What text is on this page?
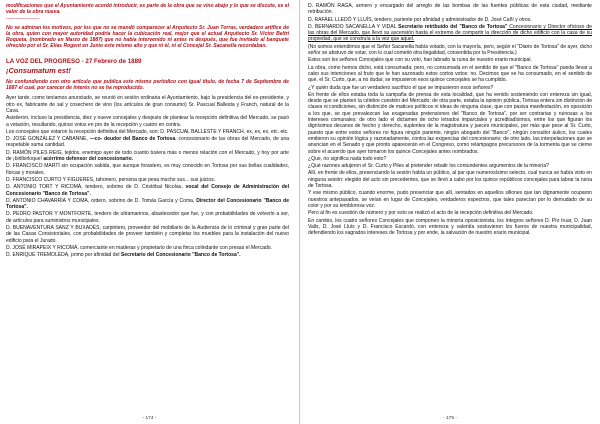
modificaciones que el Ayuntamiento acordó introducir, es parte de la obra que se vino abajo y lo que se discute, es el valor de la obra nueva.

--------------------

No se admiran los motivos, por los que no se mandó comparecer al Arquitecto Sr. Juan Torras, verdadero artífice de la obra, quien con mayor autoridad podría hacer la cubicación real, mejor que el actual Arquitecto Sr. Víctor Beltrí Roqueta, (nombrado en Marzo de 1887) que no había intervenido ni antes ni después, que fue invitado al banquete ofrecido por el Sr. Elías Rogent en Junio este mismo año y que ni él, ni el Concejal Sr. Sacanella recordaban.

LA VOZ DEL PROGRESO - 27 Febrero de 1889
¡Consumatum est!

No confundiendo con otro artículo que publica este mismo periódico con igual título, de fecha 7 de Septiembre de 1887 el cual, por carecer de interés no se ha reproducido.

Ayer tarde, como teníamos anunciado, se reunió en sesión ordinaria el Ayuntamiento, bajo la presidencia del ex-presidente, y otro ex, fabricante de sal y cosechero de vino (los artículos de gran consumo) Sr. Pascual Ballesta y Franch, natural de la Cava.

Asistieron, incluso la presidencia, diez y nueve concejales y después de plantear la recepción definitiva del Mercado, se pasó a votación, resultando, quince votos en pro de la recepción y cuatro en contra.

Los concejales que votaron la recepción definitiva del Mercado, son: D. PASCUAL BALLESTE Y FRANCH, ex, ex, ex, etc. etc.

D. JOSÉ GONZÁLEZ Y CABANNE, —co- deudor del Banco de Tortosa, concesionario de las obras del Mercado, de una respetable suma cantidad.

D. RAMÓN PILES REIG, tejidos, enemigo ayer de todo cuanto tuviera más o menos relación con el Mercado, y hoy por arte de ¡birlibirloque! acérrimo defensor del concesionario.

D. FRANCISCO MARTÍ sin ocupación sabida, que aunque forastero, es muy conocido en Tortosa por sus bellas cualidades, físicas y morales.

D. FRANCISCO CURTO Y FIGUERES, tahonero, persona que pesa mucho sus... sus juicios.

D. ANTONIO TORT Y RICOMÁ, tendero, sobrino de D. Cristóbal Nicolau, vocal del Consejo de Administración del Concesionario "Banco de Tortosa".

D. ANTONIO CHAVARRÍA Y COMA, ordero, sobrino de D. Tomás García y Coma, Director del Concesionario "Banco de Tortosa".

D. PEDRO PASTOR Y MONTFORTE, tendero de ultramarinos, abastecedor que fue, y con probabilidades de volverlo a ser, de artículos para suministros municipales.

D. BUENAVENTURA SANZ Y BUXADÉS, carpintero, proveedor del mobiliario de la Audiencia de lo criminal y gran parte del de las Casas Consistoriales, con probabilidades de proveer también y completar los muebles para la instalación del nuevo edificio para el Jurado.

D. JOSÉ MIRAPEIX Y RICOMÁ, comerciante en maderas y propietario de una finca colindante con presas el Mercado.

D. ENRIQUE TREMOLEDA, primo por afinidad del Secretario del Concesionario "Banco de Tortosa".

- 174 -

D. RAMÓN RAGA, armero y encargado del arreglo de las bombas de las fuentes públicas de esta ciudad, mediante retribución.

D. RAFAEL LLEDÓ Y LLUÍS, tendero, pariente por afinidad y administrador de D. José Cañí y otros.

D. BERNARDO SACANELLA Y VIDAL Secretario retribuido del "Banco de Tortosa" Concesionario y Director oficioso de las obras del Mercado, que llevó su ascensión hasta el extremo de compartir la dirección de dicho edificio con la casa de su propiedad, que se construía a la vez que aquel.

(No somos entendimos que el Señor Sacanella había votado, con la mayoría, pero, según el "Diario de Tortosa" de ayer, dicho señor se abstuvo de votar, con lo cual cometió otra ilegalidad, consentida por la Presidencia.)

Estos son los señores Concejales que con su voto, han labrado la ruina de nuestro erario municipal.

La obra, como hemos dicho, está consumada; pero, no consumada en el sentido de que el "Banco de Tortosa" pueda llevar a cabo sus intenciones al fruto que le han sazonado estos cortos votos: no. Decimos que se ha consumado, en el sentido de que, el Sr. Curto, que, a no dudar, se impusieron esos quince concejales se ha cumplido.

¿Y quién duda que fue un verdadero sacrificio el que se impusieron esos señores?

En frente de ellos estaba toda la campaña de prensa de esta localidad, que ha venido sosteniendo con entereza sin igual, desde que se planteó la célebre cuestión del Mercado; de otra parte, estaba la opinión pública, Tortosa entera sin distinción de clases ni condiciones, sin distinción de matices políticos ni ideas de ninguna clase, que con pasiva manifestación, en oposición a los que, se que prevalezcan las exageradas pretensiones del "Banco de Tortosa", por ser contrarias y ruinosas a los intereses comunales: de otro lado el dictamen de ocho letrados imparciales y acreditadísimos, entre los que figuran los dignísimos decanos de hecho y derecho, suplentes de la magistratura y jueces municipales, por más que pese al Sr. Curto, puesto que entre estos señores no figura ningún pariente, ningún abogado del "Banco", ningún consultor áulico, los cuales emitieron su opinión lógica y razonadamente, contra las exigencias del concesionario; de otro lado, las interpelaciones que se anuncian en el Senado y que pronto aparecerán en el Congreso, como relámpagos precursores de la tormenta que se cierne sobre el acuerdo que ayer tomaron los quince Concejales antes nombrados.

¿Que, no significa nada todo esto?

¿Qué razones adujeron el Sr. Curto y Piles al pretender rebatir los contundentes argumentos de la minoría?

Allí, en frente de ellos, presenciando la sesión había un público, al par que numerosísimo selecto, cual nunca se había visto en ninguna sesión: elegido del acto sin precedentes, que se llevó a cabo por los quince repúblicos concejales para labrar la ruina de Tortosa.

Y ese mismo público, cuando enorme, pudo presenciar que allí, sentados en aquellos sillones que tan dignamente ocuparon nuestros antepasados, se veían en lugar de Concejales, verdaderos espectros, que tales parecían por lo demudado de su color y por su temblorosa voz.

Pero al fin es cuestión de número y por esto se realizó el acto de la recepción definitiva del Mercado.

En cambio, los cuatro señores Concejales que componen la minoría oposicionista, los íntegros señores D. Pío Iruar, D. Juan Valls, D. José Lluís y D. Francisco Escardó, con entereza y valentía sostuvieron los fueros de nuestra municipalidad, defendiendo los sagrados intereses de Tortosa y por ende, la salvación de nuestro erario municipal.

- 175 -
